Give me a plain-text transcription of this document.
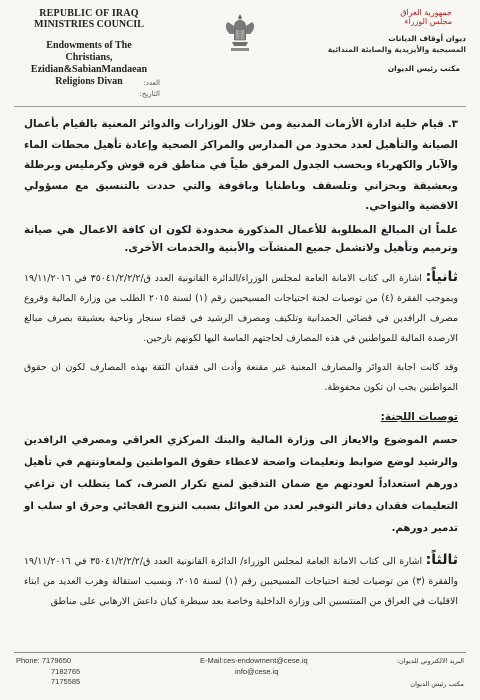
REPUBLIC OF IRAQ
MINISTRIES COUNCIL
Endowments of The
Christians, Ezidian&SabianMandaean
Religions Divan	العدد:
التاريخ:
جمهورية العراق
مجلس الوزراء
ديوان أوقاف الديانات
المسيحية والأيزيدية والصابئة المندائية
مكتب رئيس الديوان

٣. قيام خلية ادارة الأزمات المدنية ومن خلال الوزارات والدوائر المعنية بالقيام بأعمال الصيانة والتأهيل لعدد محدود من المدارس والمراكز الصحية وإعادة تأهيل محطات الماء والآبار والكهرباء وبحسب الجدول المرفق طياً في مناطق قره قوش وكرمليس وبرطلة وبعشيقة وبحزاني وتلسقف وباطنايا وباقوفة والتي حددت بالتنسيق مع مسؤولي الاقضية والنواحي.

علماً ان المبالغ المطلوبة للأعمال المذكورة محدودة لكون ان كافة الاعمال هي صيانة وترميم وتأهيل ولاتشمل جميع المنشآت والأبنية والخدمات الأخرى.

ثانياً: اشارة الى كتاب الامانة العامة لمجلس الوزراء/الدائرة القانونية العدد ق/٣٥٠٤١/٢/٢/٢ في ١٩/١١/٢٠١٦ وبموجب الفقرة (٤) من توصيات لجنة احتياجات المسيحيين رقم (١) لسنة ٢٠١٥ الطلب من وزارة المالية وفروع مصرف الرافدين في قضائي الحمدانية وتلكيف ومصرف الرشيد في قضاء سنجار وناحية بعشيقة بصرف مبالغ الارصدة المالية للمواطنين في هذه المصارف لحاجتهم الماسة اليها لكونهم نازحين.

وقد كانت اجابة الدوائر والمصارف المعنية غير مقنعة وأدت الى فقدان الثقة بهذه المصارف لكون ان حقوق المواطنين يجب ان تكون محفوظة.

توصيات اللجنة:

حسم الموضوع والايعاز الى وزارة المالية والبنك المركزي العراقي ومصرفي الرافدين والرشيد لوضع ضوابط وتعليمات واضحة لاعطاء حقوق المواطنين ولمعاونتهم في تأهيل دورهم استعداداً لعودتهم مع ضمان التدقيق لمنع تكرار الصرف، كما يتطلب ان تراعي التعليمات فقدان دفاتر التوفير لعدد من العوائل بسبب النزوح الفجائي وحرق او سلب او تدمير دورهم.

ثالثاً: اشارة الى كتاب الامانة العامة لمجلس الوزراء/ الدائرة القانونية العدد ق/٣٥٠٤١/٢/٢/٢ في ١٩/١١/٢٠١٦ والفقرة (٣) من توصيات لجنة احتياجات المسيحيين رقم (١) لسنة ٢٠١٥، وبسبب استقالة وهرب العديد من ابناء الاقليات في العراق من المنتسبين الى وزارة الداخلية وخاصة بعد سيطرة كيان داعش الارهابي على مناطق

Phone: 7179650
7182765
7175585
E-Mail:ces-endowment@cese.iq
info@cese.iq
البريد الالكتروني للديوان:
مكتب رئيس الديوان
